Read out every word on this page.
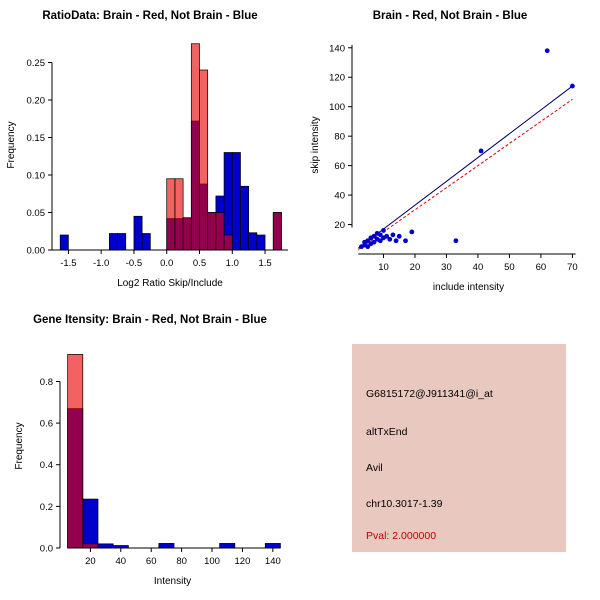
RatioData: Brain - Red, Not Brain - Blue
-1.5 -1.0 -0.5 0.0 0.5 1.0 1.5
0.00
0.05
0.10
0.15
0.20
0.25
Log2 Ratio Skip/Include
Frequency
Brain - Red, Not Brain - Blue
10 20 30 40 50 60 70
20
40
60
80
100
120
140
include intensity
skip intensity
Gene Itensity: Brain - Red, Not Brain - Blue
20 40 60 80 100 120 140
0.0
0.2
0.4
0.6
0.8
Intensity
Frequency
G6815172@J911341@i_at
altTxEnd
Avil
chr10.3017-1.39
Pval: 2.000000
